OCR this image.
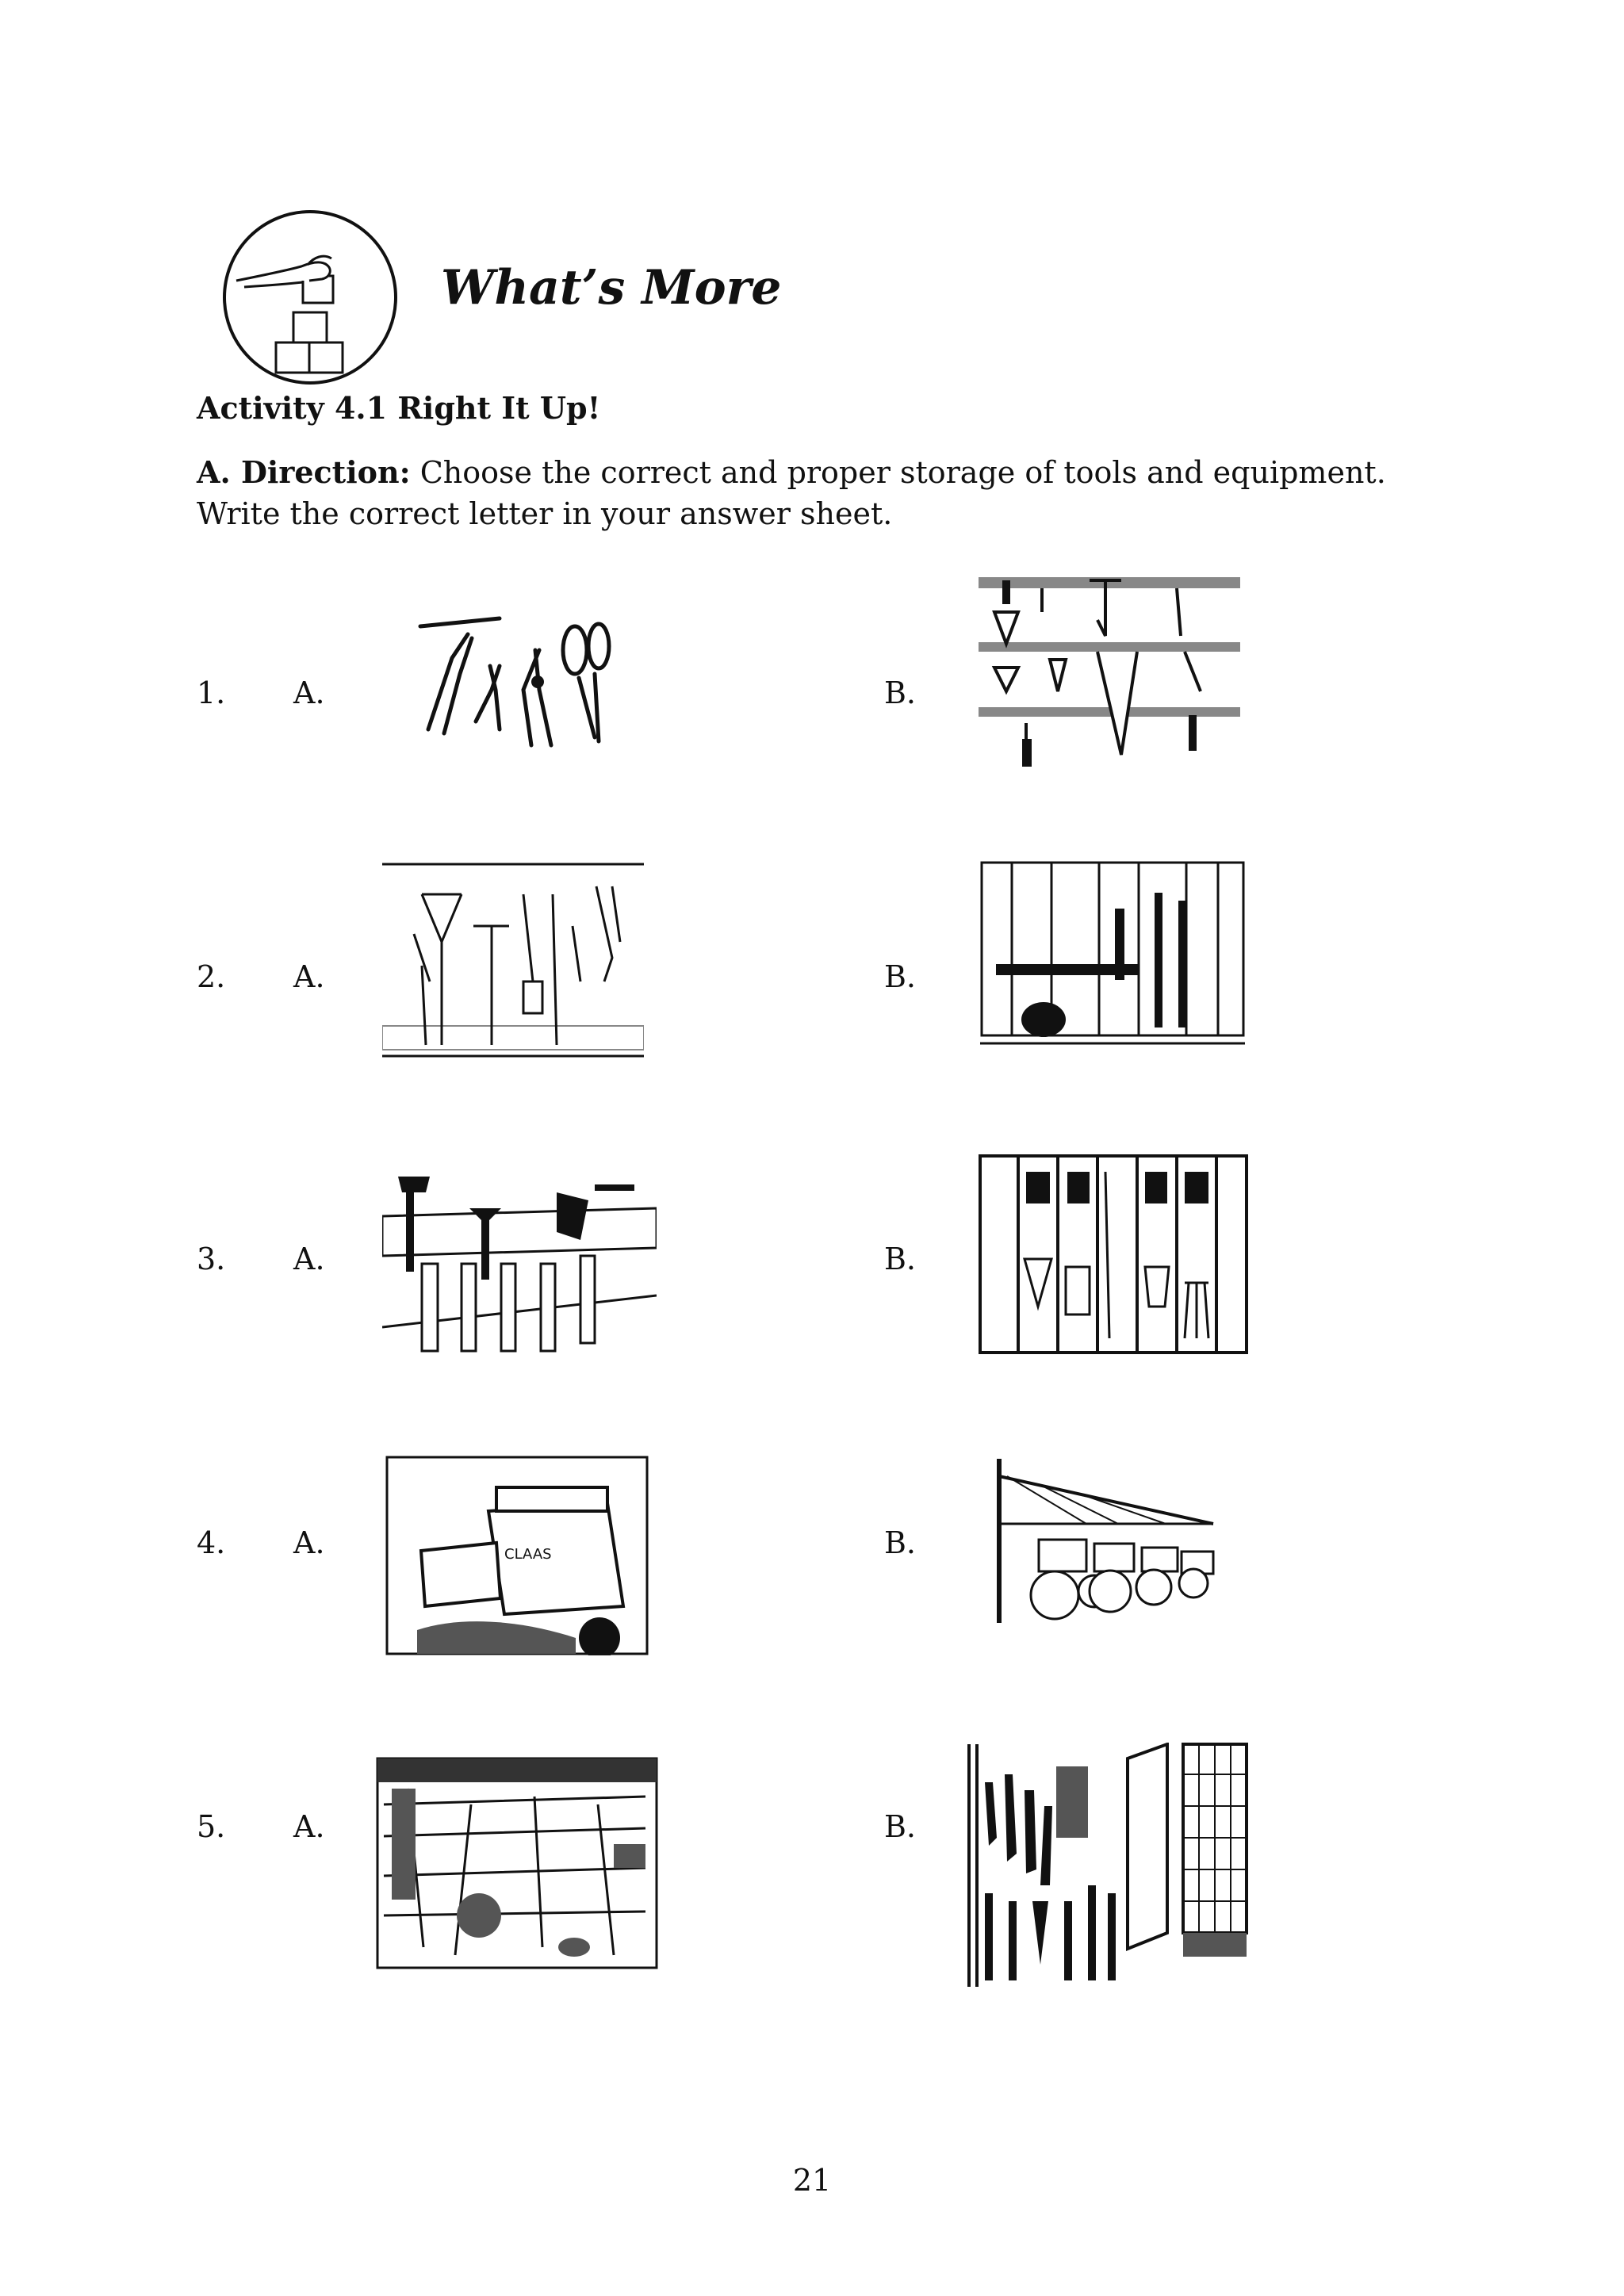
What’s More
Activity 4.1 Right It Up!
A. Direction: Choose the correct and proper storage of tools and equipment. Write the correct letter in your answer sheet.
1. A.	B.
2. A.	B.
3. A.	B.
4. A.	CLAAS	B.
5. A.	B.
21
